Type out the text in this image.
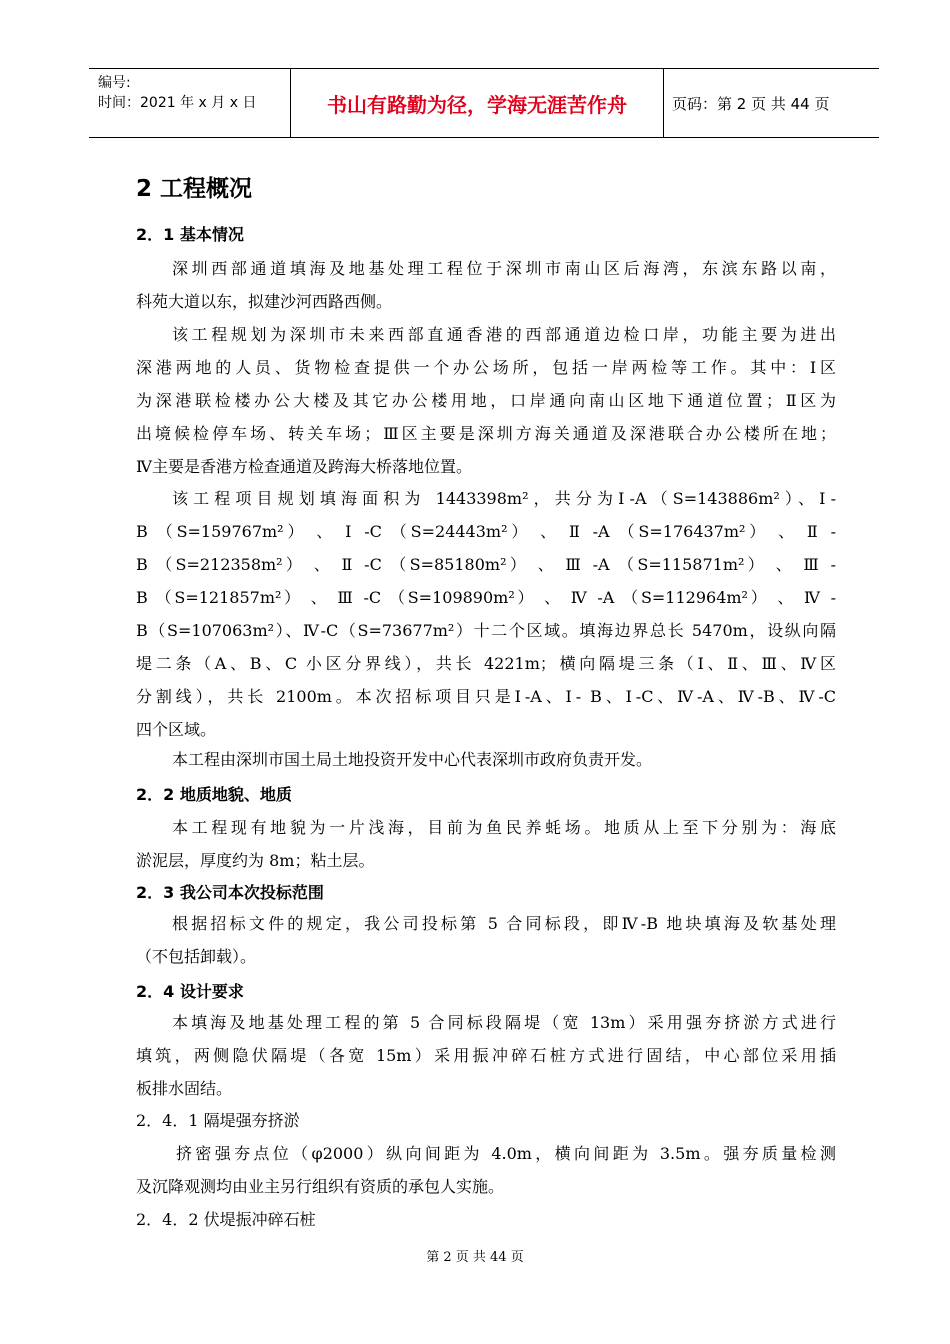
编号:
时间：2021 年 x 月 x 日	书山有路勤为径，学海无涯苦作舟	页码：第 2 页 共 44 页
2 工程概况
2．1 基本情况
深圳西部通道填海及地基处理工程位于深圳市南山区后海湾，东滨东路以南，
科苑大道以东，拟建沙河西路西侧。
该工程规划为深圳市未来西部直通香港的西部通道边检口岸，功能主要为进出
深港两地的人员、货物检查提供一个办公场所，包括一岸两检等工作。其中：Ⅰ区
为深港联检楼办公大楼及其它办公楼用地，口岸通向南山区地下通道位置；Ⅱ区为
出境候检停车场、转关车场；Ⅲ区主要是深圳方海关通道及深港联合办公楼所在地；
Ⅳ主要是香港方检查通道及跨海大桥落地位置。
该工程项目规划填海面积为 1443398m²，共分为Ⅰ-A（S=143886m²）、Ⅰ-
B （S=159767m²） 、 Ⅰ -C （S=24443m²） 、 Ⅱ -A （S=176437m²） 、 Ⅱ -
B （S=212358m²） 、 Ⅱ -C （S=85180m²） 、 Ⅲ -A （S=115871m²） 、 Ⅲ -
B （S=121857m²） 、 Ⅲ -C （S=109890m²） 、 Ⅳ -A （S=112964m²） 、 Ⅳ -
B（S=107063m²）、Ⅳ-C（S=73677m²）十二个区域。填海边界总长 5470m，设纵向隔
堤二条（A、B、C 小区分界线），共长 4221m；横向隔堤三条（Ⅰ、Ⅱ、Ⅲ、Ⅳ区
分割线），共长 2100m。本次招标项目只是Ⅰ-A、Ⅰ- B、Ⅰ-C、Ⅳ-A、Ⅳ-B、Ⅳ-C
四个区域。
本工程由深圳市国土局土地投资开发中心代表深圳市政府负责开发。
2．2 地质地貌、地质
本工程现有地貌为一片浅海，目前为鱼民养蚝场。地质从上至下分别为：海底
淤泥层，厚度约为 8m；粘土层。
2．3 我公司本次投标范围
根据招标文件的规定，我公司投标第 5 合同标段，即Ⅳ-B 地块填海及软基处理
（不包括卸载）。
2．4 设计要求
本填海及地基处理工程的第 5 合同标段隔堤（宽 13m）采用强夯挤淤方式进行
填筑，两侧隐伏隔堤（各宽 15m）采用振冲碎石桩方式进行固结，中心部位采用插
板排水固结。
2．4．1 隔堤强夯挤淤
挤密强夯点位（φ2000）纵向间距为 4.0m，横向间距为 3.5m。强夯质量检测
及沉降观测均由业主另行组织有资质的承包人实施。
2．4．2 伏堤振冲碎石桩
第 2 页 共 44 页
